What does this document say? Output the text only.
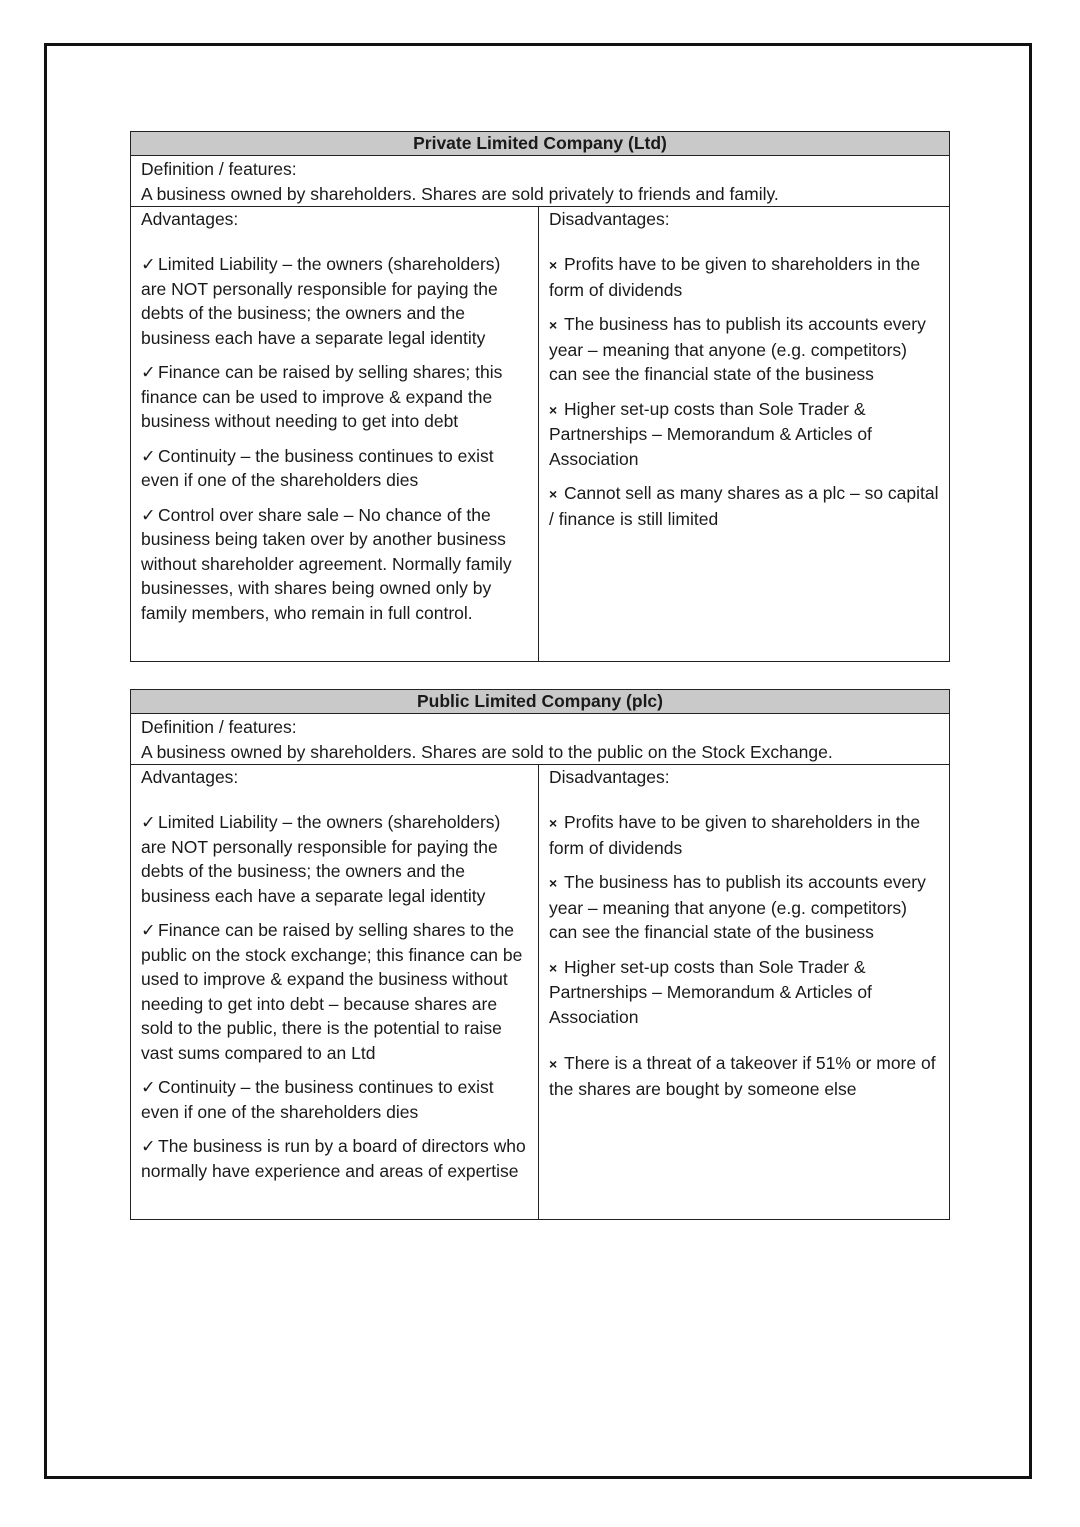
Private Limited Company (Ltd)
Definition / features:
A business owned by shareholders. Shares are sold privately to friends and family.
Advantages:
✓ Limited Liability – the owners (shareholders) are NOT personally responsible for paying the debts of the business; the owners and the business each have a separate legal identity
✓ Finance can be raised by selling shares; this finance can be used to improve & expand the business without needing to get into debt
✓ Continuity – the business continues to exist even if one of the shareholders dies
✓ Control over share sale – No chance of the business being taken over by another business without shareholder agreement. Normally family businesses, with shares being owned only by family members, who remain in full control.
Disadvantages:
× Profits have to be given to shareholders in the form of dividends
× The business has to publish its accounts every year – meaning that anyone (e.g. competitors) can see the financial state of the business
× Higher set-up costs than Sole Trader & Partnerships – Memorandum & Articles of Association
× Cannot sell as many shares as a plc – so capital / finance is still limited
Public Limited Company (plc)
Definition / features:
A business owned by shareholders. Shares are sold to the public on the Stock Exchange.
Advantages:
✓ Limited Liability – the owners (shareholders) are NOT personally responsible for paying the debts of the business; the owners and the business each have a separate legal identity
✓ Finance can be raised by selling shares to the public on the stock exchange; this finance can be used to improve & expand the business without needing to get into debt – because shares are sold to the public, there is the potential to raise vast sums compared to an Ltd
✓ Continuity – the business continues to exist even if one of the shareholders dies
✓ The business is run by a board of directors who normally have experience and areas of expertise
Disadvantages:
× Profits have to be given to shareholders in the form of dividends
× The business has to publish its accounts every year – meaning that anyone (e.g. competitors) can see the financial state of the business
× Higher set-up costs than Sole Trader & Partnerships – Memorandum & Articles of Association
× There is a threat of a takeover if 51% or more of the shares are bought by someone else
